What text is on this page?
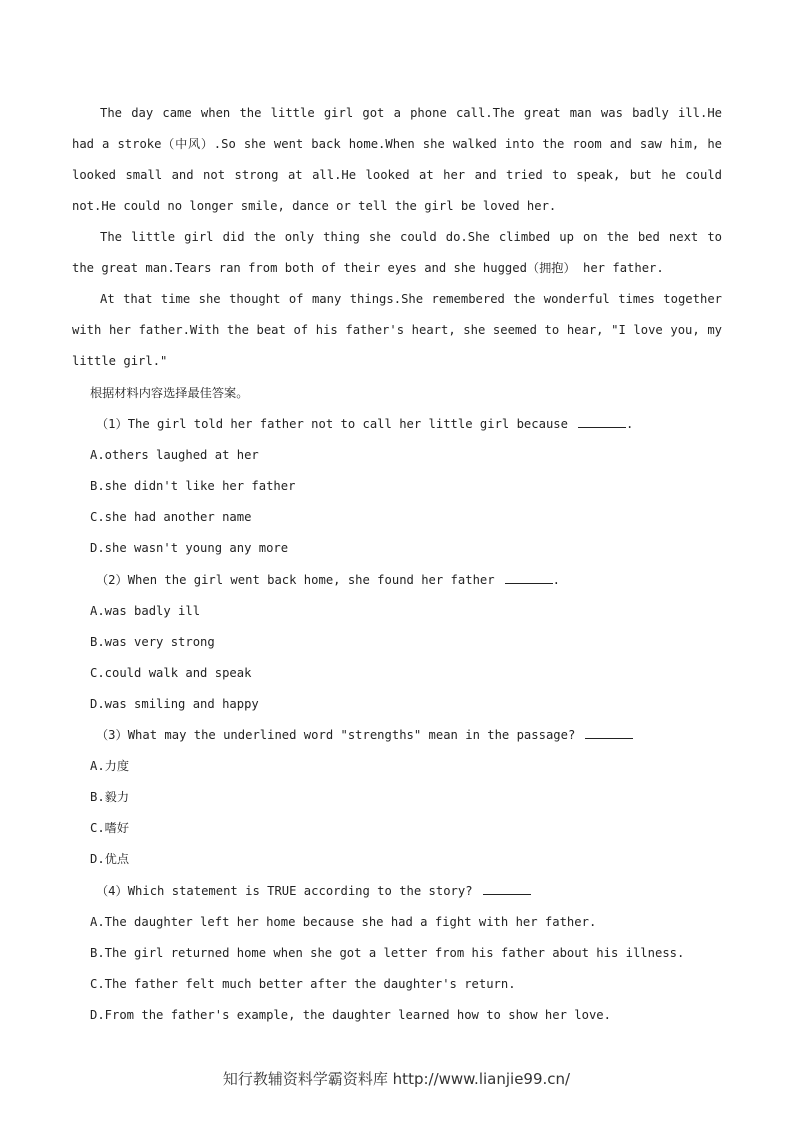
The day came when the little girl got a phone call.The great man was badly ill.He had a stroke（中风）.So she went back home.When she walked into the room and saw him, he looked small and not strong at all.He looked at her and tried to speak, but he could not.He could no longer smile, dance or tell the girl be loved her.

The little girl did the only thing she could do.She climbed up on the bed next to the great man.Tears ran from both of their eyes and she hugged（拥抱） her father.

At that time she thought of many things.She remembered the wonderful times together with her father.With the beat of his father's heart, she seemed to hear, "I love you, my little girl."

根据材料内容选择最佳答案。

（1）The girl told her father not to call her little girl because	.

A.others laughed at her

B.she didn't like her father

C.she had another name

D.she wasn't young any more

（2）When the girl went back home, she found her father	.

A.was badly ill

B.was very strong

C.could walk and speak

D.was smiling and happy

（3）What may the underlined word "strengths" mean in the passage?

A.力度

B.毅力

C.嗜好

D.优点

（4）Which statement is TRUE according to the story?

A.The daughter left her home because she had a fight with her father.

B.The girl returned home when she got a letter from his father about his illness.

C.The father felt much better after the daughter's return.

D.From the father's example, the daughter learned how to show her love.

知行教辅资料学霸资料库 http://www.lianjie99.cn/
